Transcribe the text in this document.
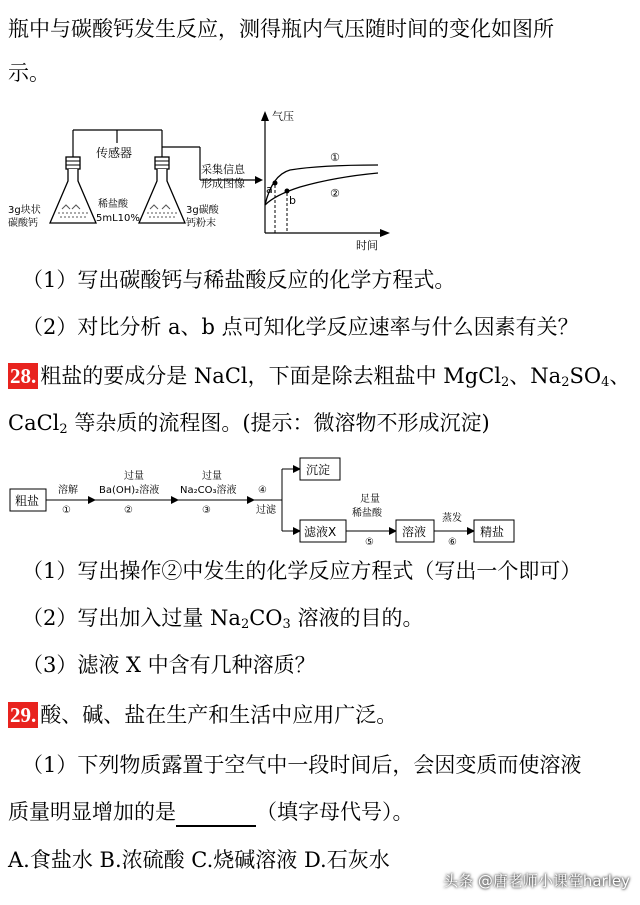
瓶中与碳酸钙发生反应，测得瓶内气压随时间的变化如图所
示。
传感器
采集信息
形成图像
3g块状
碳酸钙
稀盐酸
5mL10%
3g碳酸
钙粉末
a
b
气压
时间
①
②
（1）写出碳酸钙与稀盐酸反应的化学方程式。
（2）对比分析 a、b 点可知化学反应速率与什么因素有关？
28. 粗盐的要成分是 NaCl，下面是除去粗盐中 MgCl$_2$、$Na_2SO_4$、
CaCl$_2$ 等杂质的流程图。(提示：微溶物不形成沉淀)
粗盐
溶解
①
过量
Ba(OH)₂溶液
②
过量
Na₂CO₃溶液
③
④
过滤
沉淀
滤液X
足量
稀盐酸
⑤
溶液
蒸发
⑥
精盐
（1）写出操作②中发生的化学反应方程式（写出一个即可）
（2）写出加入过量 $Na_2CO_3$ 溶液的目的。
（3）滤液 X 中含有几种溶质？
29. 酸、碱、盐在生产和生活中应用广泛。
（1）下列物质露置于空气中一段时间后，会因变质而使溶液
质量明显增加的是	（填字母代号）。
A.食盐水 B.浓硫酸 C.烧碱溶液 D.石灰水
头条 @唐老师小课堂harley
